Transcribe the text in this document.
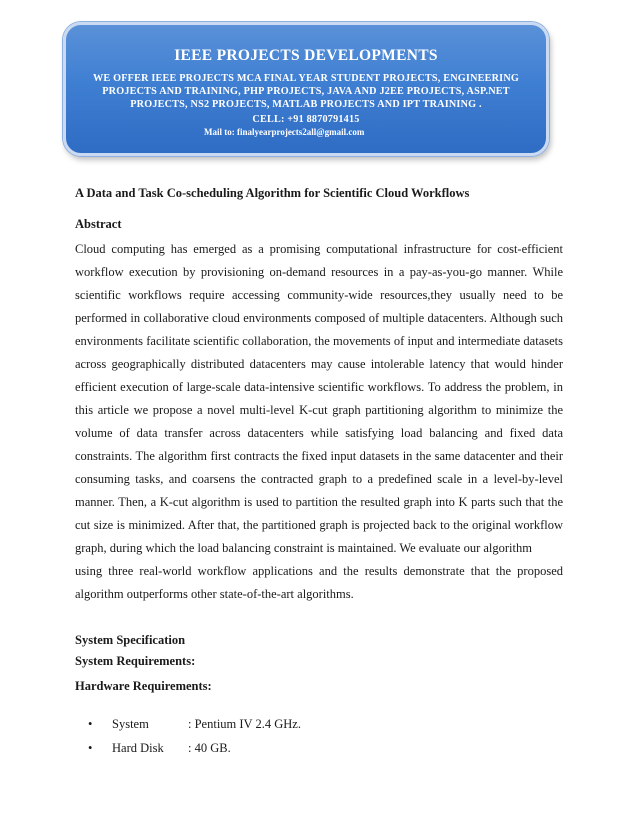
IEEE PROJECTS DEVELOPMENTS
WE OFFER IEEE PROJECTS MCA FINAL YEAR STUDENT PROJECTS, ENGINEERING
PROJECTS AND TRAINING, PHP PROJECTS, JAVA AND J2EE PROJECTS, ASP.NET
PROJECTS, NS2 PROJECTS, MATLAB PROJECTS AND IPT TRAINING .
CELL: +91 8870791415
Mail to: finalyearprojects2all@gmail.com
A Data and Task Co-scheduling Algorithm for Scientific Cloud Workflows
Abstract
Cloud computing has emerged as a promising computational infrastructure for cost-efficient
workflow execution by provisioning on-demand resources in a pay-as-you-go manner. While
scientific workflows require accessing community-wide resources,they usually need to be
performed in collaborative cloud environments composed of multiple datacenters. Although such
environments facilitate scientific collaboration, the movements of input and intermediate datasets
across geographically distributed datacenters may cause intolerable latency that would hinder
efficient execution of large-scale data-intensive scientific workflows. To address the problem, in
this article we propose a novel multi-level K-cut graph partitioning algorithm to minimize the
volume of data transfer across datacenters while satisfying load balancing and fixed data
constraints. The algorithm first contracts the fixed input datasets in the same datacenter and their
consuming tasks, and coarsens the contracted graph to a predefined scale in a level-by-level
manner. Then, a K-cut algorithm is used to partition the resulted graph into K parts such that the
cut size is minimized. After that, the partitioned graph is projected back to the original workflow
graph, during which the load balancing constraint is maintained. We evaluate our algorithm
using three real-world workflow applications and the results demonstrate that the proposed
algorithm outperforms other state-of-the-art algorithms.
System Specification
System Requirements:
Hardware Requirements:
• System	: Pentium IV 2.4 GHz.
• Hard Disk : 40 GB.
